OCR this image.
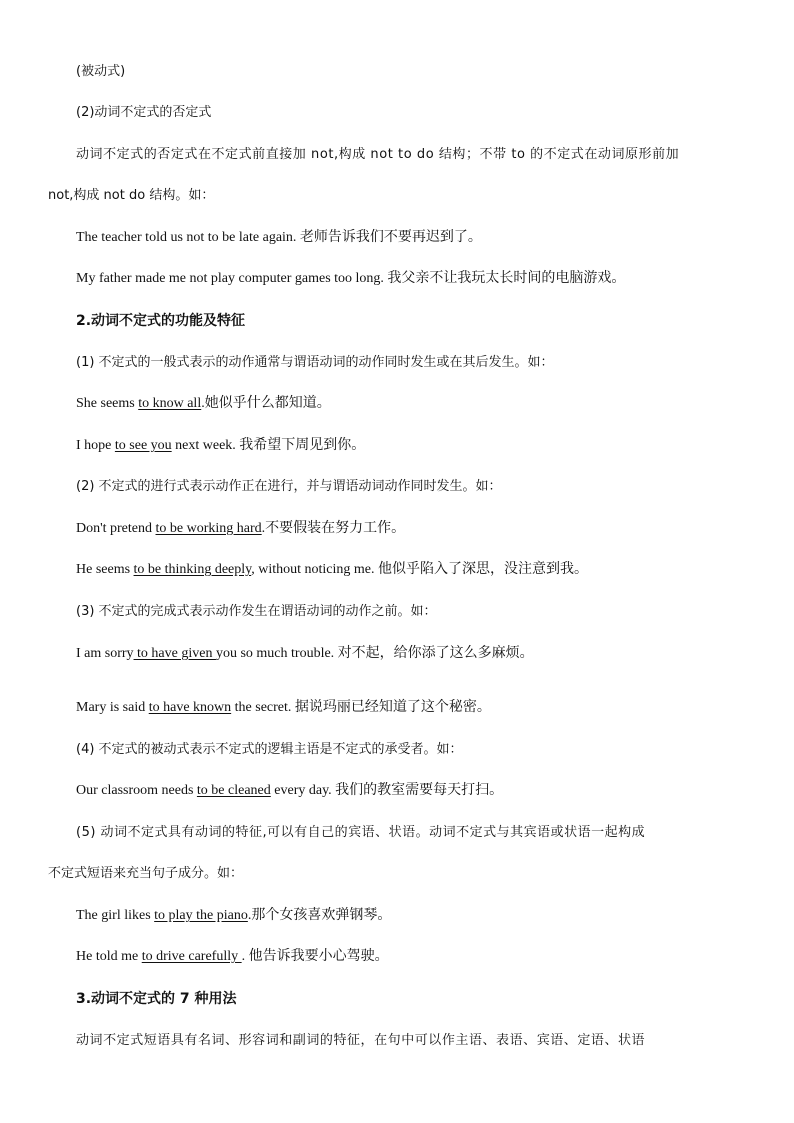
(被动式)
(2)动词不定式的否定式
动词不定式的否定式在不定式前直接加 not,构成 not to do 结构；不带 to 的不定式在动词原形前加
not,构成 not do 结构。如：
The teacher told us not to be late again. 老师告诉我们不要再迟到了。
My father made me not play computer games too long. 我父亲不让我玩太长时间的电脑游戏。
2.动词不定式的功能及特征
(1) 不定式的一般式表示的动作通常与谓语动词的动作同时发生或在其后发生。如：
She seems to know all.她似乎什么都知道。
I hope to see you next week. 我希望下周见到你。
(2) 不定式的进行式表示动作正在进行，并与谓语动词动作同时发生。如：
Don't pretend to be working hard.不要假装在努力工作。
He seems to be thinking deeply, without noticing me. 他似乎陷入了深思，没注意到我。
(3) 不定式的完成式表示动作发生在谓语动词的动作之前。如：
I am sorry to have given you so much trouble. 对不起，给你添了这么多麻烦。
Mary is said to have known the secret. 据说玛丽已经知道了这个秘密。
(4) 不定式的被动式表示不定式的逻辑主语是不定式的承受者。如：
Our classroom needs to be cleaned every day. 我们的教室需要每天打扫。
(5) 动词不定式具有动词的特征,可以有自己的宾语、状语。动词不定式与其宾语或状语一起构成
不定式短语来充当句子成分。如：
The girl likes to play the piano.那个女孩喜欢弹钢琴。
He told me to drive carefully . 他告诉我要小心驾驶。
3.动词不定式的 7 种用法
动词不定式短语具有名词、形容词和副词的特征，在句中可以作主语、表语、宾语、定语、状语
